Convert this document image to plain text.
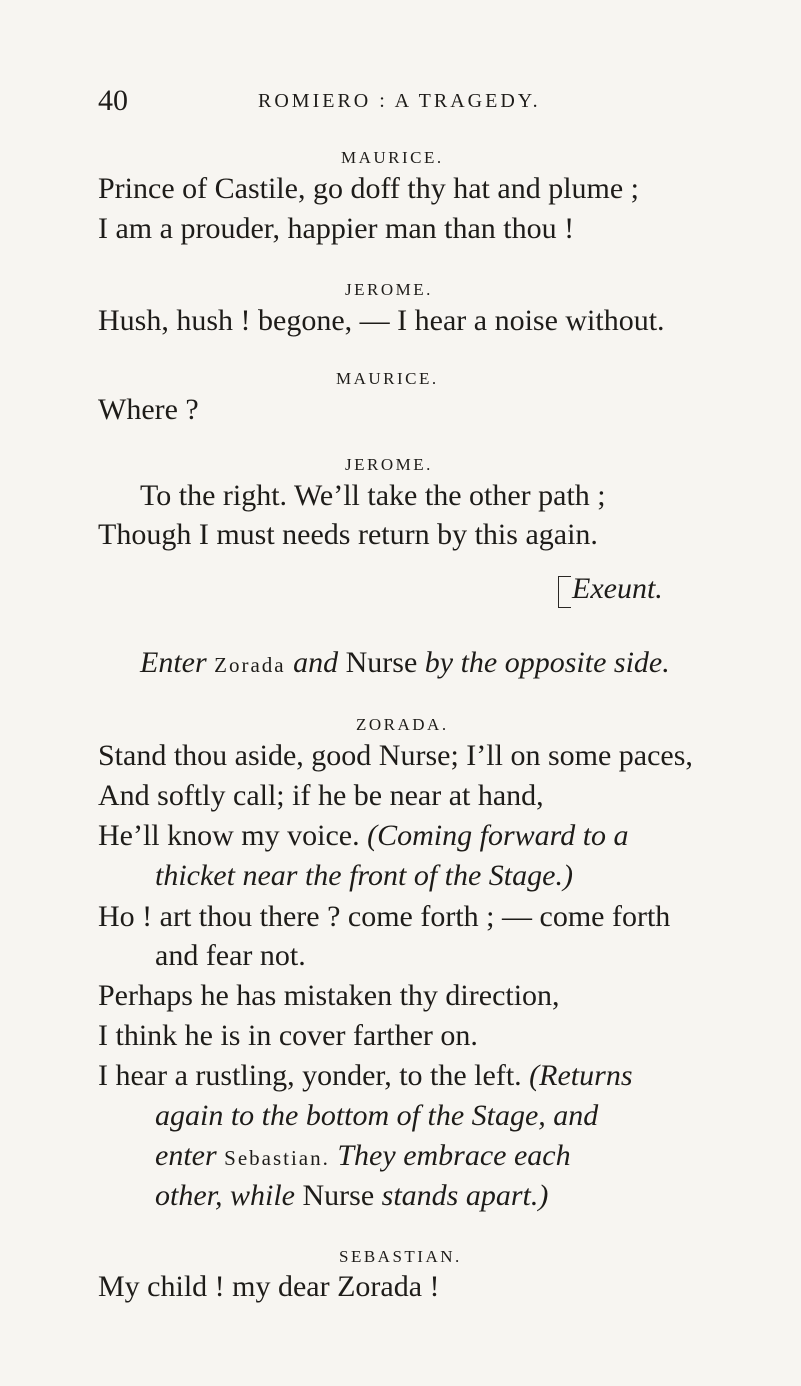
40	ROMIERO : A TRAGEDY.
MAURICE.
Prince of Castile, go doff thy hat and plume ;
I am a prouder, happier man than thou !
JEROME.
Hush, hush ! begone, — I hear a noise without.
MAURICE.
Where ?
JEROME.
To the right. We’ll take the other path ;
Though I must needs return by this again.
Exeunt.
Enter Zorada and Nurse by the opposite side.
ZORADA.
Stand thou aside, good Nurse; I’ll on some paces,
And softly call; if he be near at hand,
He’ll know my voice. (Coming forward to a
thicket near the front of the Stage.)
Ho ! art thou there ? come forth ; — come forth
and fear not.
Perhaps he has mistaken thy direction,
I think he is in cover farther on.
I hear a rustling, yonder, to the left. (Returns
again to the bottom of the Stage, and
enter Sebastian. They embrace each
other, while Nurse stands apart.)
SEBASTIAN.
My child ! my dear Zorada !
